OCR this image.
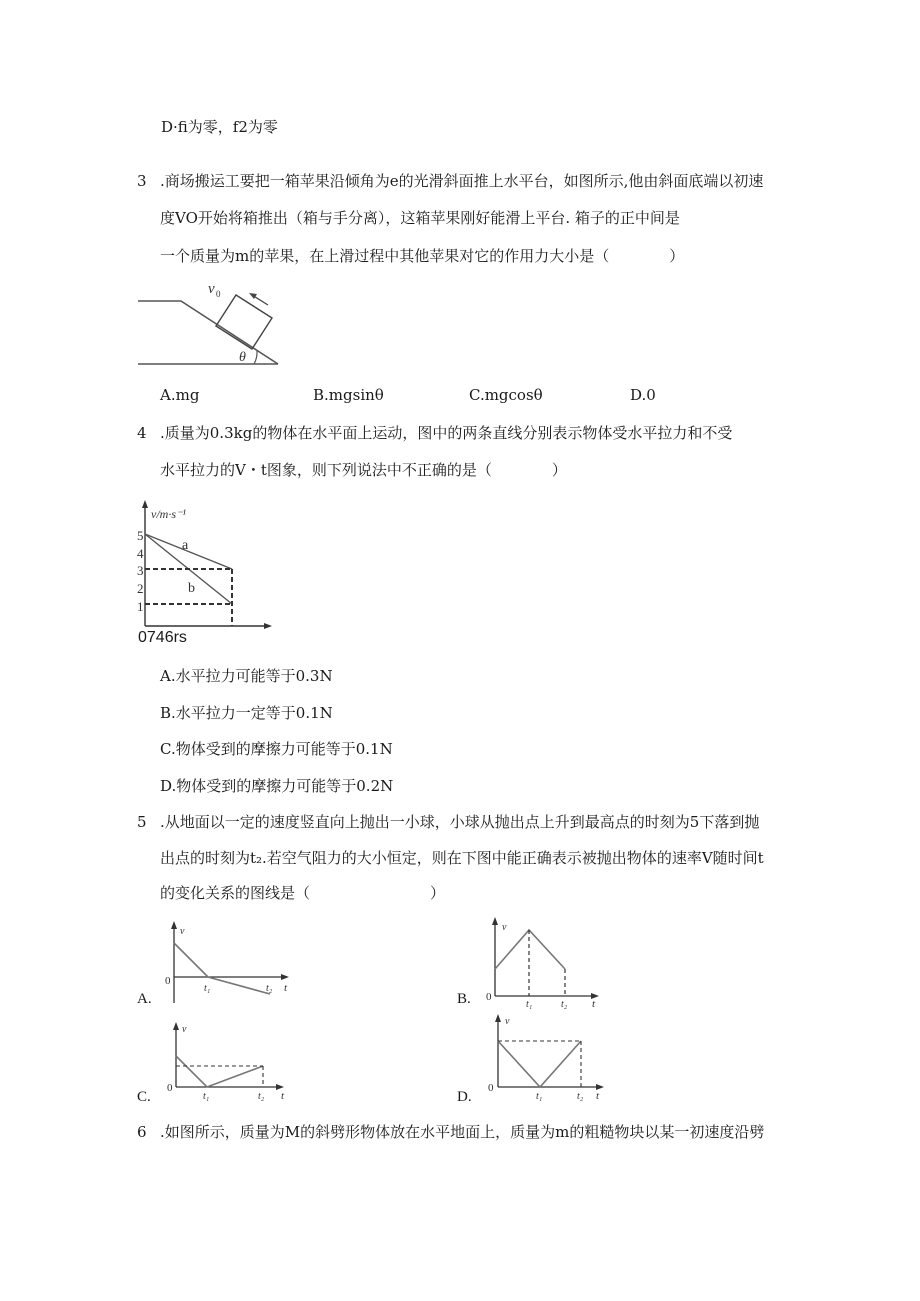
D·fi为零，f2为零
3 .商场搬运工要把一箱苹果沿倾角为e的光滑斜面推上水平台，如图所示,他由斜面底端以初速
度VO开始将箱推出（箱与手分离），这箱苹果刚好能滑上平台. 箱子的正中间是
一个质量为m的苹果，在上滑过程中其他苹果对它的作用力大小是（　　　　）
v 0
θ
A.mg	B.mgsinθ	C.mgcosθ	D.0
4 .质量为0.3kg的物体在水平面上运动，图中的两条直线分别表示物体受水平拉力和不受
水平拉力的V・t图象，则下列说法中不正确的是（　　　　）
v/m·s⁻¹
5
4
3
2
1
a
b
0746rs
A.水平拉力可能等于0.3N
B.水平拉力一定等于0.1N
C.物体受到的摩擦力可能等于0.1N
D.物体受到的摩擦力可能等于0.2N
5 .从地面以一定的速度竖直向上抛出一小球，小球从抛出点上升到最高点的时刻为5下落到抛
出点的时刻为t₂.若空气阻力的大小恒定，则在下图中能正确表示被抛出物体的速率V随时间t
的变化关系的图线是（　　　　　　　　）
v
0
t₁	t₂ t
v
0
t₁	t₂ t
v
0
t₁	t₂ t
v
0
t₁	t₂ t
A.	B.
C.	D.
6 .如图所示，质量为M的斜劈形物体放在水平地面上，质量为m的粗糙物块以某一初速度沿劈
